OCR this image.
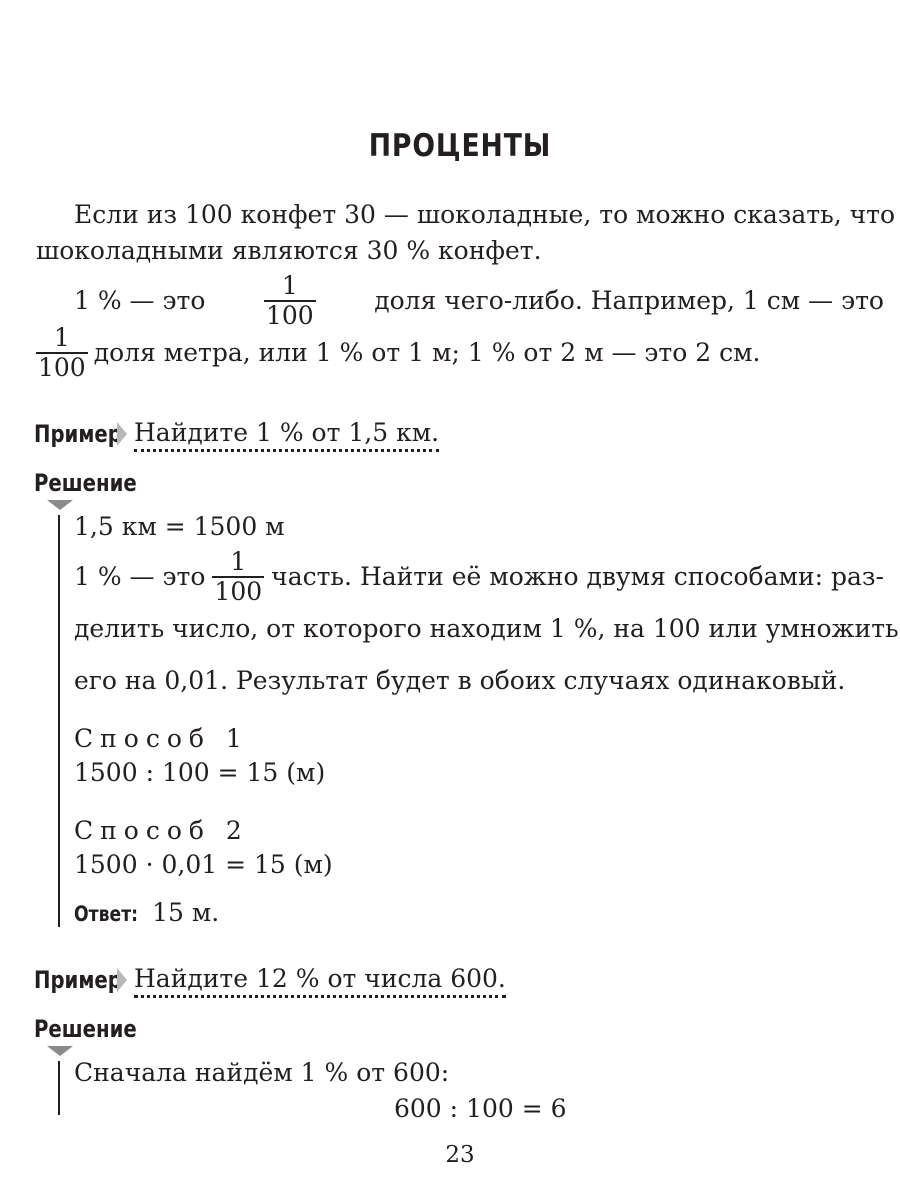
ПРОЦЕНТЫ
Если из 100 конфет 30 — шоколадные, то можно сказать, что
шоколадными являются 30 % конфет.
1 % — это $\frac{1}{100}$ доля чего-либо. Например, 1 см — это
$\frac{1}{100}$ доля метра, или 1 % от 1 м; 1 % от 2 м — это 2 см.
Пример Найдите 1 % от 1,5 км.
Решение
1,5 км = 1500 м
1 % — это $\frac{1}{100}$ часть. Найти её можно двумя способами: раз-
делить число, от которого находим 1 %, на 100 или умножить
его на 0,01. Результат будет в обоих случаях одинаковый.
Способ 1
1500 : 100 = 15 (м)
Способ 2
1500 · 0,01 = 15 (м)
Ответ: 15 м.
Пример Найдите 12 % от числа 600.
Решение
Сначала найдём 1 % от 600:
600 : 100 = 6
23
